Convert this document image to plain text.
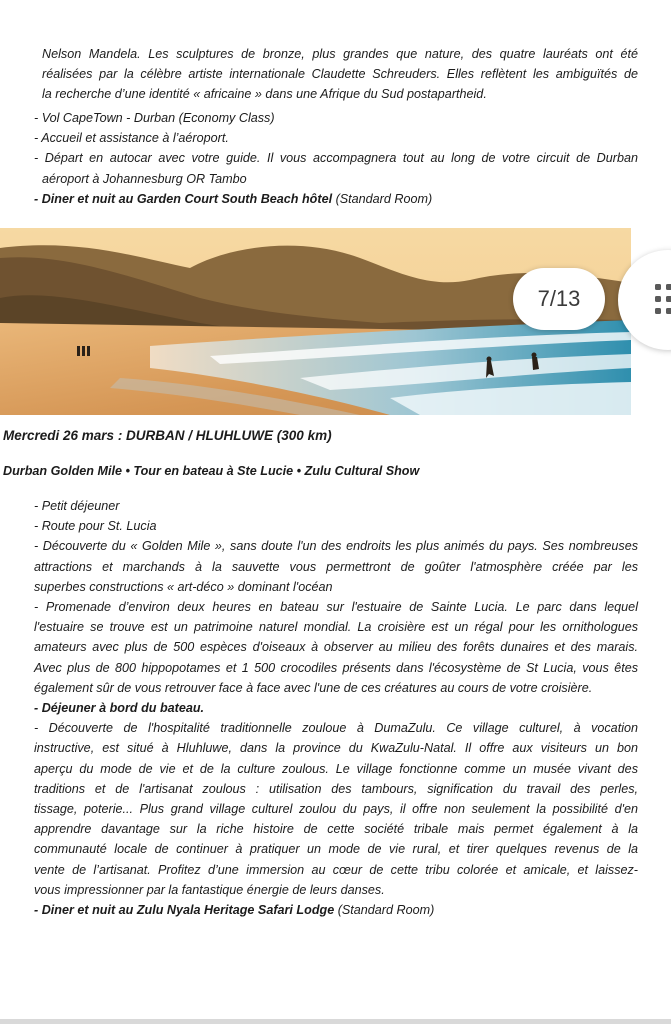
Nelson Mandela. Les sculptures de bronze, plus grandes que nature, des quatre lauréats ont été
réalisées par la célèbre artiste internationale Claudette Schreuders. Elles reflètent les ambiguïtés de
la recherche d’une identité « africaine » dans une Afrique du Sud postapartheid.
- Vol CapeTown - Durban (Economy Class)
- Accueil et assistance à l’aéroport.
- Départ en autocar avec votre guide. Il vous accompagnera tout au long de votre circuit de Durban
aéroport à Johannesburg OR Tambo
- Diner et nuit au Garden Court South Beach hôtel (Standard Room)
7/13
Mercredi 26 mars : DURBAN / HLUHLUWE (300 km)
Durban Golden Mile • Tour en bateau à Ste Lucie • Zulu Cultural Show
- Petit déjeuner
- Route pour St. Lucia
- Découverte du « Golden Mile », sans doute l'un des endroits les plus animés du pays. Ses nombreuses
attractions et marchands à la sauvette vous permettront de goûter l'atmosphère créée par les
superbes constructions « art-déco » dominant l'océan
- Promenade d’environ deux heures en bateau sur l'estuaire de Sainte Lucia. Le parc dans lequel
l'estuaire se trouve est un patrimoine naturel mondial. La croisière est un régal pour les ornithologues
amateurs avec plus de 500 espèces d'oiseaux à observer au milieu des forêts dunaires et des marais.
Avec plus de 800 hippopotames et 1 500 crocodiles présents dans l'écosystème de St Lucia, vous êtes
également sûr de vous retrouver face à face avec l'une de ces créatures au cours de votre croisière.
- Déjeuner à bord du bateau.
- Découverte de l'hospitalité traditionnelle zouloue à DumaZulu. Ce village culturel, à vocation
instructive, est situé à Hluhluwe, dans la province du KwaZulu-Natal. Il offre aux visiteurs un bon
aperçu du mode de vie et de la culture zoulous. Le village fonctionne comme un musée vivant des
traditions et de l'artisanat zoulous : utilisation des tambours, signification du travail des perles,
tissage, poterie... Plus grand village culturel zoulou du pays, il offre non seulement la possibilité d'en
apprendre davantage sur la riche histoire de cette société tribale mais permet également à la
communauté locale de continuer à pratiquer un mode de vie rural, et tirer quelques revenus de la
vente de l’artisanat. Profitez d’une immersion au cœur de cette tribu colorée et amicale, et laissez-
vous impressionner par la fantastique énergie de leurs danses.
- Diner et nuit au Zulu Nyala Heritage Safari Lodge (Standard Room)
